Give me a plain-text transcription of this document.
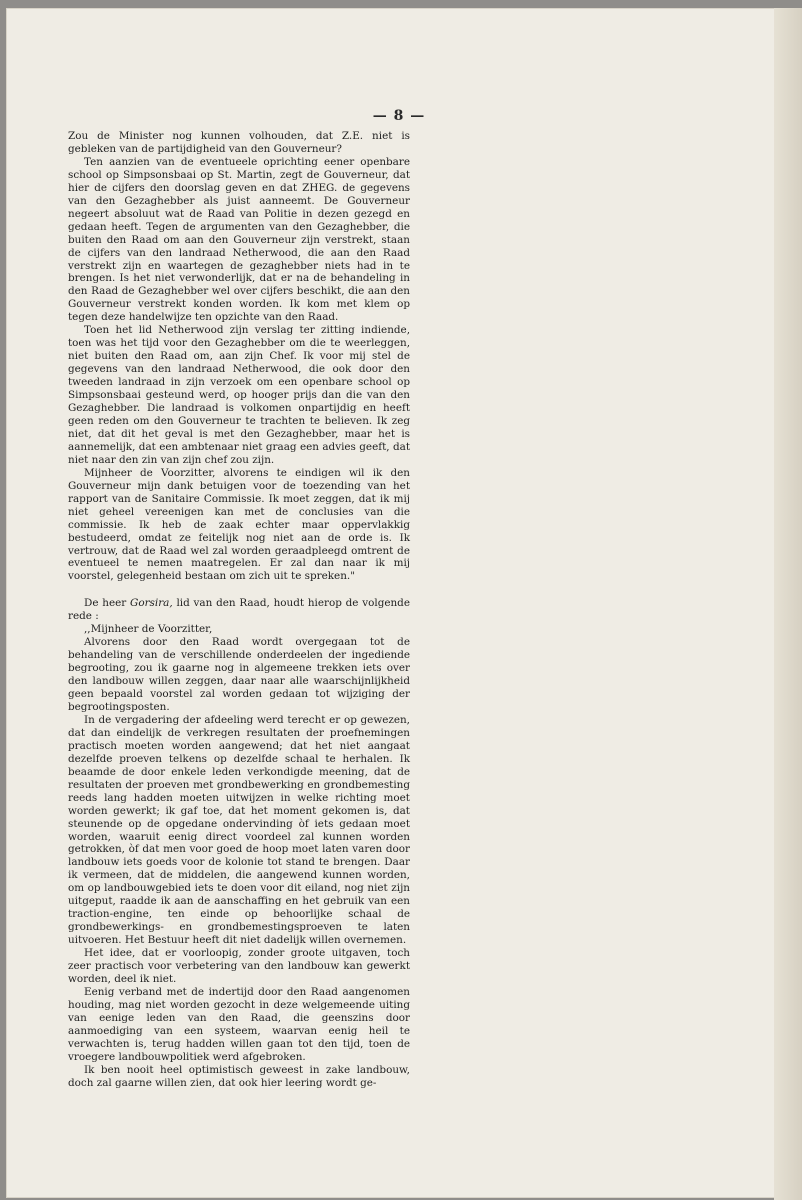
— 8 —

Zou de Minister nog kunnen volhouden, dat Z.E. niet is gebleken van de partijdigheid van den Gouverneur?

Ten aanzien van de eventueele oprichting eener openbare school op Simpsonsbaai op St. Martin, zegt de Gouverneur, dat hier de cijfers den doorslag geven en dat ZHEG. de gegevens van den Gezaghebber als juist aanneemt. De Gouverneur negeert absoluut wat de Raad van Politie in dezen gezegd en gedaan heeft. Tegen de argumenten van den Gezaghebber, die buiten den Raad om aan den Gouverneur zijn verstrekt, staan de cijfers van den landraad Netherwood, die aan den Raad verstrekt zijn en waartegen de gezaghebber niets had in te brengen. Is het niet verwonderlijk, dat er na de behandeling in den Raad de Gezaghebber wel over cijfers beschikt, die aan den Gouverneur verstrekt konden worden. Ik kom met klem op tegen deze handelwijze ten opzichte van den Raad.

Toen het lid Netherwood zijn verslag ter zitting indiende, toen was het tijd voor den Gezaghebber om die te weerleggen, niet buiten den Raad om, aan zijn Chef. Ik voor mij stel de gegevens van den landraad Netherwood, die ook door den tweeden landraad in zijn verzoek om een openbare school op Simpsonsbaai gesteund werd, op hooger prijs dan die van den Gezaghebber. Die landraad is volkomen onpartijdig en heeft geen reden om den Gouverneur te trachten te believen. Ik zeg niet, dat dit het geval is met den Gezaghebber, maar het is aannemelijk, dat een ambtenaar niet graag een advies geeft, dat niet naar den zin van zijn chef zou zijn.

Mijnheer de Voorzitter, alvorens te eindigen wil ik den Gouverneur mijn dank betuigen voor de toezending van het rapport van de Sanitaire Commissie. Ik moet zeggen, dat ik mij niet geheel vereenigen kan met de conclusies van die commissie. Ik heb de zaak echter maar oppervlakkig bestudeerd, omdat ze feitelijk nog niet aan de orde is. Ik vertrouw, dat de Raad wel zal worden geraadpleegd omtrent de eventueel te nemen maatregelen. Er zal dan naar ik mij voorstel, gelegenheid bestaan om zich uit te spreken."

De heer Gorsira, lid van den Raad, houdt hierop de volgende rede :

,,Mijnheer de Voorzitter,

Alvorens door den Raad wordt overgegaan tot de behandeling van de verschillende onderdeelen der ingediende begrooting, zou ik gaarne nog in algemeene trekken iets over den landbouw willen zeggen, daar naar alle waarschijnlijkheid geen bepaald voorstel zal worden gedaan tot wijziging der begrootingsposten.

In de vergadering der afdeeling werd terecht er op gewezen, dat dan eindelijk de verkregen resultaten der proefnemingen practisch moeten worden aangewend; dat het niet aangaat dezelfde proeven telkens op dezelfde schaal te herhalen. Ik beaamde de door enkele leden verkondigde meening, dat de resultaten der proeven met grondbewerking en grondbemesting reeds lang hadden moeten uitwijzen in welke richting moet worden gewerkt; ik gaf toe, dat het moment gekomen is, dat steunende op de opgedane ondervinding òf iets gedaan moet worden, waaruit eenig direct voordeel zal kunnen worden getrokken, òf dat men voor goed de hoop moet laten varen door landbouw iets goeds voor de kolonie tot stand te brengen. Daar ik vermeen, dat de middelen, die aangewend kunnen worden, om op landbouwgebied iets te doen voor dit eiland, nog niet zijn uitgeput, raadde ik aan de aanschaffing en het gebruik van een traction-engine, ten einde op behoorlijke schaal de grondbewerkings- en grondbemestingsproeven te laten uitvoeren. Het Bestuur heeft dit niet dadelijk willen overnemen.

Het idee, dat er voorloopig, zonder groote uitgaven, toch zeer practisch voor verbetering van den landbouw kan gewerkt worden, deel ik niet.

Eenig verband met de indertijd door den Raad aangenomen houding, mag niet worden gezocht in deze welgemeende uiting van eenige leden van den Raad, die geenszins door aanmoediging van een systeem, waarvan eenig heil te verwachten is, terug hadden willen gaan tot den tijd, toen de vroegere landbouwpolitiek werd afgebroken.

Ik ben nooit heel optimistisch geweest in zake landbouw, doch zal gaarne willen zien, dat ook hier leering wordt ge-
